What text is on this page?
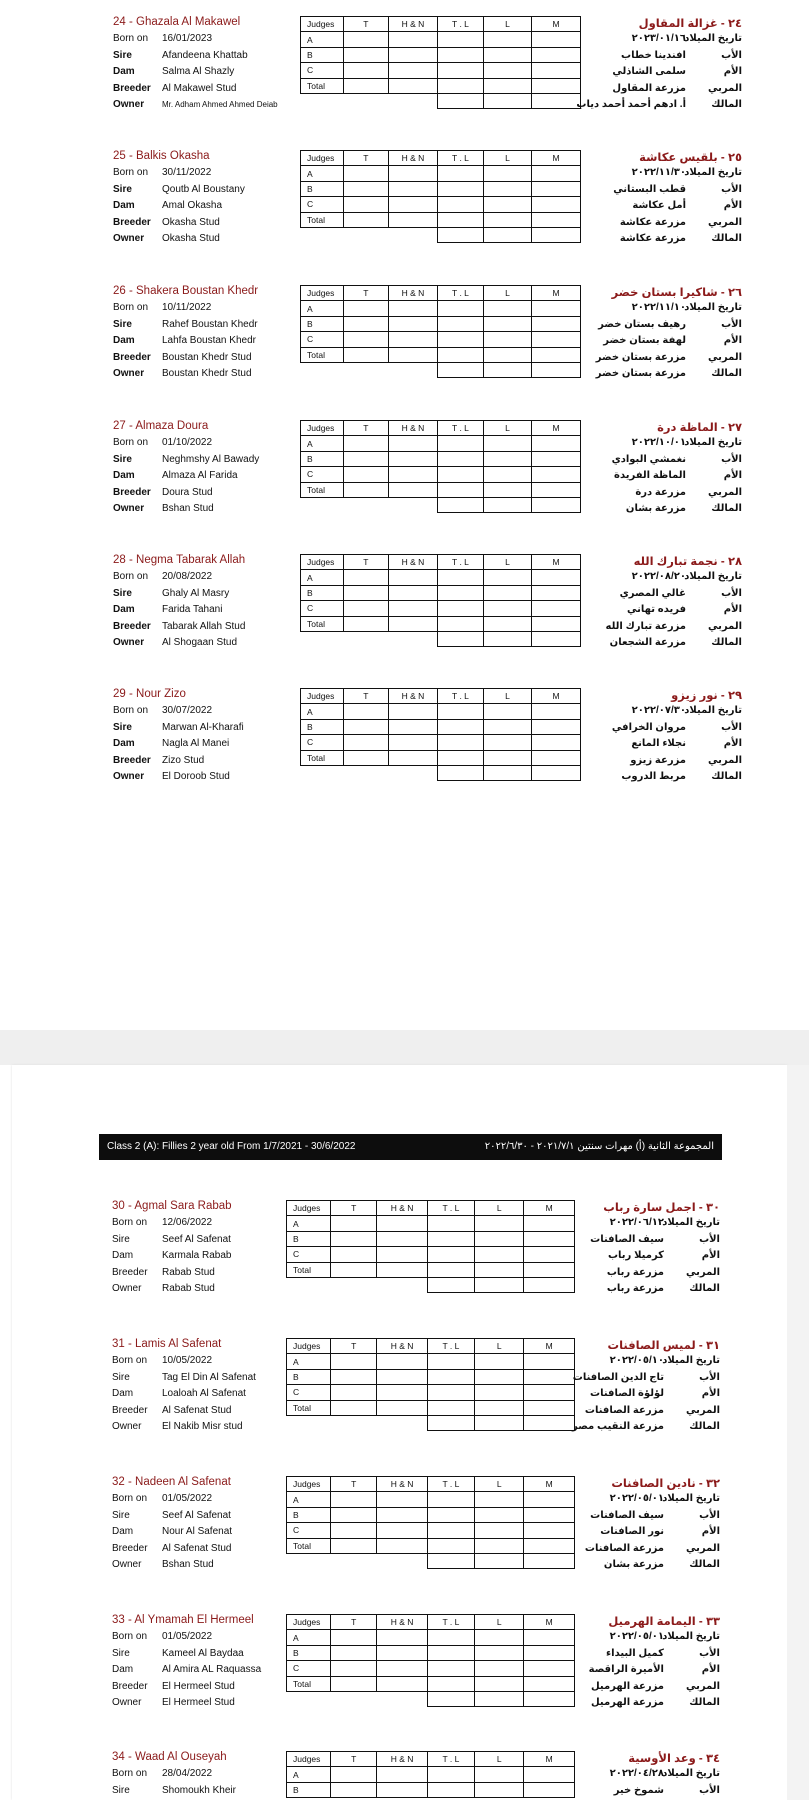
Class 2 (A): Fillies 2 year old From 1/7/2021 - 30/6/2022	المجموعة الثانية (أ) مهرات سنتين ٢٠٢١/٧/١ - ٢٠٢٢/٦/٣٠
24 - Ghazala Al Makawel
Born on 16/01/2023
Sire	Afandeena Khattab
Dam	Salma Al Shazly
Breeder Al Makawel Stud
Owner Mr. Adham Ahmed Ahmed Deiab
Judges	T	H & N	T . L	L	M
A					
B					
C					
Total					

٢٤ - غزالة المقاول
تاريخ الميلاد
٢٠٢٣/٠١/١٦
الأب
افندينا خطاب
الأم
سلمى الشاذلي
المربي
مزرعة المقاول
المالك
أ. ادهم أحمد أحمد دياب
25 - Balkis Okasha
Born on 30/11/2022
Sire	Qoutb Al Boustany
Dam	Amal Okasha
Breeder Okasha Stud
Owner Okasha Stud
Judges	T	H & N	T . L	L	M
A					
B					
C					
Total					

٢٥ - بلقيس عكاشة
تاريخ الميلاد
٢٠٢٢/١١/٣٠
الأب
قطب البستاني
الأم
أمل عكاشة
المربي
مزرعة عكاشة
المالك
مزرعة عكاشة
26 - Shakera Boustan Khedr
Born on 10/11/2022
Sire	Rahef Boustan Khedr
Dam	Lahfa Boustan Khedr
Breeder Boustan Khedr Stud
Owner Boustan Khedr Stud
Judges	T	H & N	T . L	L	M
A					
B					
C					
Total					

٢٦ - شاكيرا بستان خضر
تاريخ الميلاد
٢٠٢٢/١١/١٠
الأب
رهيف بستان خضر
الأم
لهفة بستان خضر
المربي
مزرعة بستان خضر
المالك
مزرعة بستان خضر
27 - Almaza Doura
Born on 01/10/2022
Sire	Neghmshy Al Bawady
Dam	Almaza Al Farida
Breeder Doura Stud
Owner Bshan Stud
Judges	T	H & N	T . L	L	M
A					
B					
C					
Total					

٢٧ - الماظة درة
تاريخ الميلاد
٢٠٢٢/١٠/٠١
الأب
نغمشي البوادي
الأم
الماظة الفريدة
المربي
مزرعة درة
المالك
مزرعة بشان
28 - Negma Tabarak Allah
Born on 20/08/2022
Sire	Ghaly Al Masry
Dam	Farida Tahani
Breeder Tabarak Allah Stud
Owner Al Shogaan Stud
Judges	T	H & N	T . L	L	M
A					
B					
C					
Total					

٢٨ - نجمة تبارك الله
تاريخ الميلاد
٢٠٢٢/٠٨/٢٠
الأب
غالي المصري
الأم
فريده تهاني
المربي
مزرعة تبارك الله
المالك
مزرعة الشجعان
29 - Nour Zizo
Born on 30/07/2022
Sire	Marwan Al-Kharafi
Dam	Nagla Al Manei
Breeder Zizo Stud
Owner El Doroob Stud
Judges	T	H & N	T . L	L	M
A					
B					
C					
Total					

٢٩ - نور زيزو
تاريخ الميلاد
٢٠٢٢/٠٧/٣٠
الأب
مروان الخرافي
الأم
نجلاء المانع
المربي
مزرعة زيزو
المالك
مربط الدروب
30 - Agmal Sara Rabab
Born on 12/06/2022
Sire	Seef Al Safenat
Dam	Karmala Rabab
Breeder Rabab Stud
Owner Rabab Stud
Judges	T	H & N	T . L	L	M
A					
B					
C					
Total					

٣٠ - اجمل سارة رباب
تاريخ الميلاد
٢٠٢٢/٠٦/١٢
الأب
سيف الصافنات
الأم
كرميلا رباب
المربي
مزرعة رباب
المالك
مزرعة رباب
31 - Lamis Al Safenat
Born on 10/05/2022
Sire	Tag El Din Al Safenat
Dam	Loaloah Al Safenat
Breeder Al Safenat Stud
Owner El Nakib Misr stud
Judges	T	H & N	T . L	L	M
A					
B					
C					
Total					

٣١ - لميس الصافنات
تاريخ الميلاد
٢٠٢٢/٠٥/١٠
الأب
تاج الدين الصافنات
الأم
لؤلؤة الصافنات
المربي
مزرعة الصافنات
المالك
مزرعة النقيب مصر
32 - Nadeen Al Safenat
Born on 01/05/2022
Sire	Seef Al Safenat
Dam	Nour Al Safenat
Breeder Al Safenat Stud
Owner Bshan Stud
Judges	T	H & N	T . L	L	M
A					
B					
C					
Total					

٣٢ - نادين الصافنات
تاريخ الميلاد
٢٠٢٢/٠٥/٠١
الأب
سيف الصافنات
الأم
نور الصافنات
المربي
مزرعة الصافنات
المالك
مزرعة بشان
33 - Al Ymamah El Hermeel
Born on 01/05/2022
Sire	Kameel Al Baydaa
Dam	Al Amira AL Raquassa
Breeder El Hermeel Stud
Owner El Hermeel Stud
Judges	T	H & N	T . L	L	M
A					
B					
C					
Total					

٣٣ - اليمامة الهرميل
تاريخ الميلاد
٢٠٢٢/٠٥/٠١
الأب
كميل البيداء
الأم
الأميرة الراقصة
المربي
مزرعة الهرميل
المالك
مزرعة الهرميل
34 - Waad Al Ouseyah
Born on 28/04/2022
Sire	Shomoukh Kheir
Judges	T	H & N	T . L	L	M
A					
B					
٣٤ - وعد الأوسية
تاريخ الميلاد
٢٠٢٢/٠٤/٢٨
الأب
شموخ خير
